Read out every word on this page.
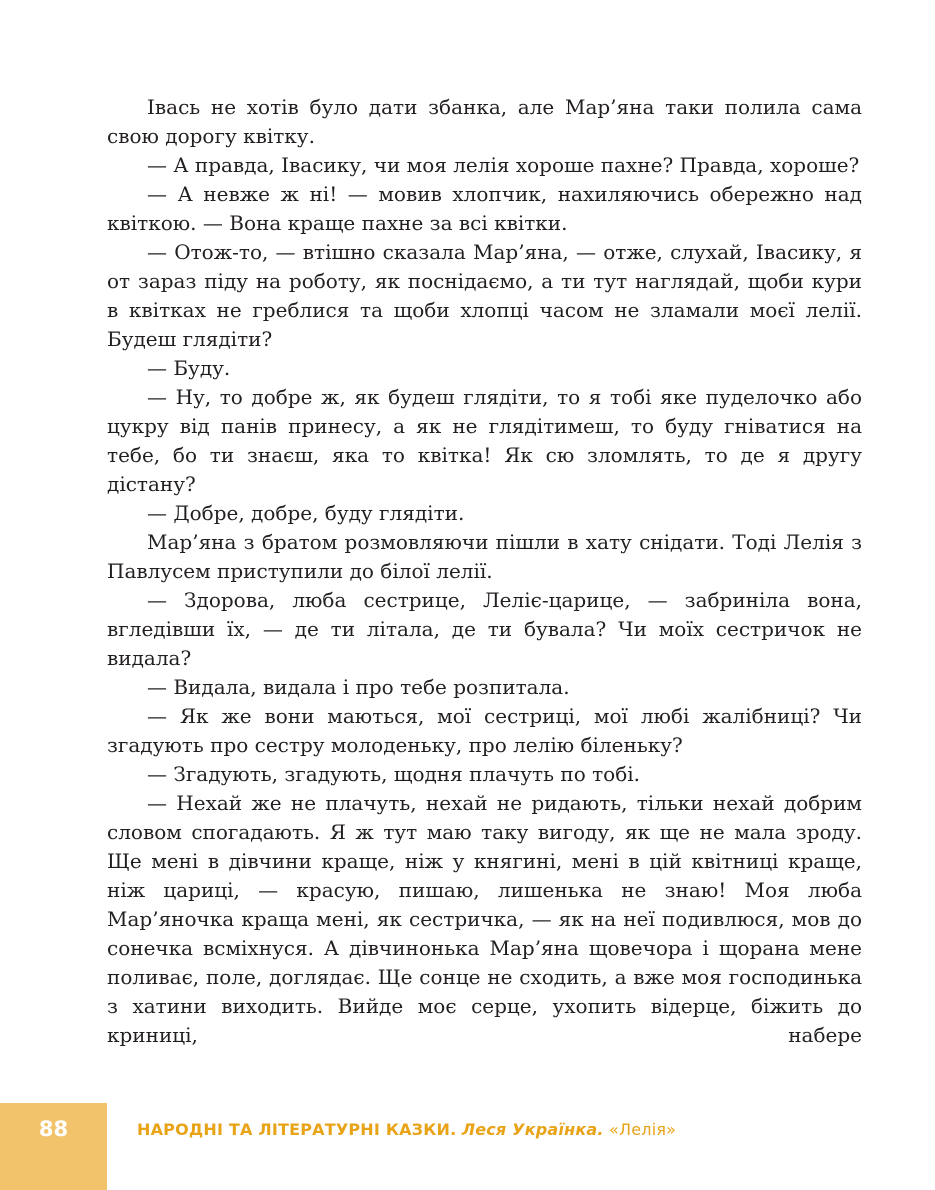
Івась не хотів було дати збанка, але Мар’яна таки полила сама свою дорогу квітку.

— А правда, Івасику, чи моя лелія хороше пахне? Правда, хороше?

— А невже ж ні! — мовив хлопчик, нахиляючись обережно над квіткою. — Вона краще пахне за всі квітки.

— Отож-то, — втішно сказала Мар’яна, — отже, слухай, Івасику, я от зараз піду на роботу, як поснідаємо, а ти тут наглядай, щоби кури в квітках не греблися та щоби хлопці часом не зламали моєї лелії. Будеш глядіти?

— Буду.

— Ну, то добре ж, як будеш глядіти, то я тобі яке пуделочко або цукру від панів принесу, а як не глядітимеш, то буду гніватися на тебе, бо ти знаєш, яка то квітка! Як сю зломлять, то де я другу дістану?

— Добре, добре, буду глядіти.

Мар’яна з братом розмовляючи пішли в хату снідати. Тоді Лелія з Павлусем приступили до білої лелії.

— Здорова, люба сестрице, Леліє-царице, — забриніла вона, вгледівши їх, — де ти літала, де ти бувала? Чи моїх сестричок не видала?

— Видала, видала і про тебе розпитала.

— Як же вони маються, мої сестриці, мої любі жалібниці? Чи згадують про сестру молоденьку, про лелію біленьку?

— Згадують, згадують, щодня плачуть по тобі.

— Нехай же не плачуть, нехай не ридають, тільки нехай добрим словом спогадають. Я ж тут маю таку вигоду, як ще не мала зроду. Ще мені в дівчини краще, ніж у княгині, мені в цій квітниці краще, ніж цариці, — красую, пишаю, лишенька не знаю! Моя люба Мар’яночка краща мені, як сестричка, — як на неї подивлюся, мов до сонечка всміхнуся. А дівчинонька Мар’яна щовечора і щорана мене поливає, поле, доглядає. Ще сонце не сходить, а вже моя господинька з хатини виходить. Вийде моє серце, ухопить відерце, біжить до криниці, набере

88	НАРОДНІ ТА ЛІТЕРАТУРНІ КАЗКИ. Леся Українка. «Лелія»
